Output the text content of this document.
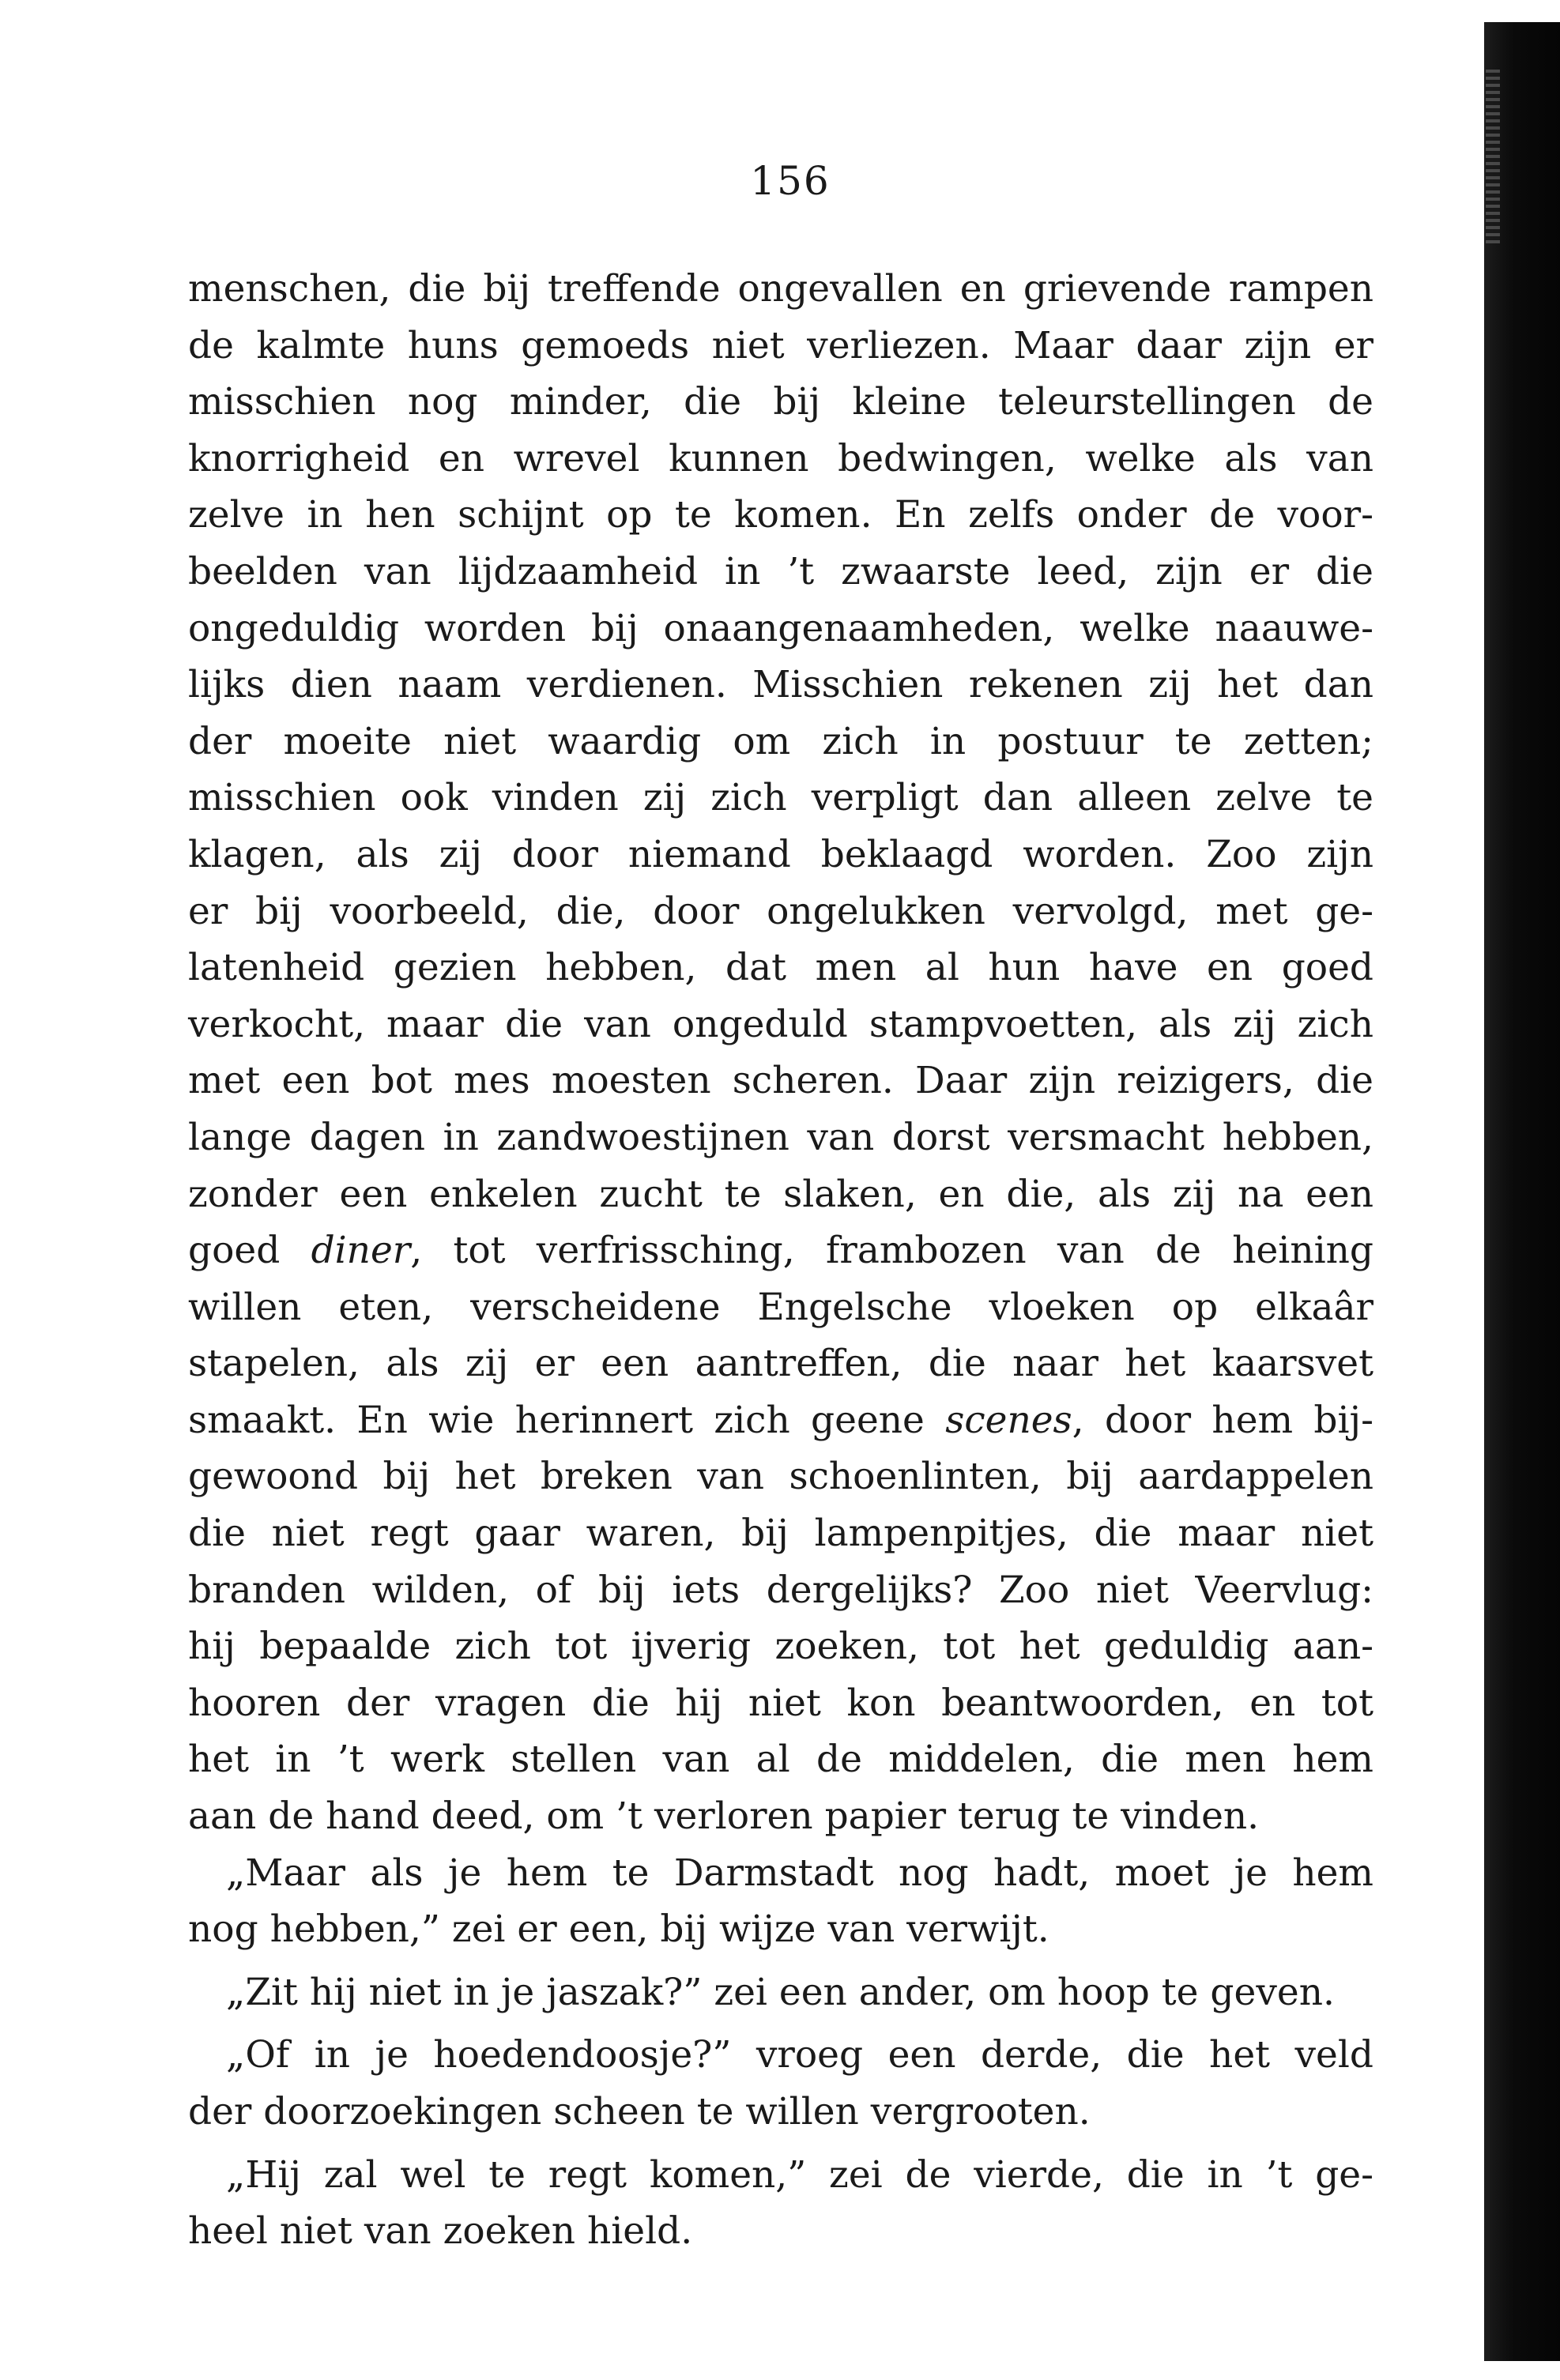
156
menschen, die bij treffende ongevallen en grievende rampen
de kalmte huns gemoeds niet verliezen. Maar daar zijn er
misschien nog minder, die bij kleine teleurstellingen de
knorrigheid en wrevel kunnen bedwingen, welke als van
zelve in hen schijnt op te komen. En zelfs onder de voor-
beelden van lijdzaamheid in ’t zwaarste leed, zijn er die
ongeduldig worden bij onaangenaamheden, welke naauwe-
lijks dien naam verdienen. Misschien rekenen zij het dan
der moeite niet waardig om zich in postuur te zetten;
misschien ook vinden zij zich verpligt dan alleen zelve te
klagen, als zij door niemand beklaagd worden. Zoo zijn
er bij voorbeeld, die, door ongelukken vervolgd, met ge-
latenheid gezien hebben, dat men al hun have en goed
verkocht, maar die van ongeduld stampvoetten, als zij zich
met een bot mes moesten scheren. Daar zijn reizigers, die
lange dagen in zandwoestijnen van dorst versmacht hebben,
zonder een enkelen zucht te slaken, en die, als zij na een
goed diner, tot verfrissching, frambozen van de heining
willen eten, verscheidene Engelsche vloeken op elkaâr
stapelen, als zij er een aantreffen, die naar het kaarsvet
smaakt. En wie herinnert zich geene scenes, door hem bij-
gewoond bij het breken van schoenlinten, bij aardappelen
die niet regt gaar waren, bij lampenpitjes, die maar niet
branden wilden, of bij iets dergelijks? Zoo niet Veervlug:
hij bepaalde zich tot ijverig zoeken, tot het geduldig aan-
hooren der vragen die hij niet kon beantwoorden, en tot
het in ’t werk stellen van al de middelen, die men hem
aan de hand deed, om ’t verloren papier terug te vinden.
„Maar als je hem te Darmstadt nog hadt, moet je hem
nog hebben,” zei er een, bij wijze van verwijt.
„Zit hij niet in je jaszak?” zei een ander, om hoop te geven.
„Of in je hoedendoosje?” vroeg een derde, die het veld
der doorzoekingen scheen te willen vergrooten.
„Hij zal wel te regt komen,” zei de vierde, die in ’t ge-
heel niet van zoeken hield.
